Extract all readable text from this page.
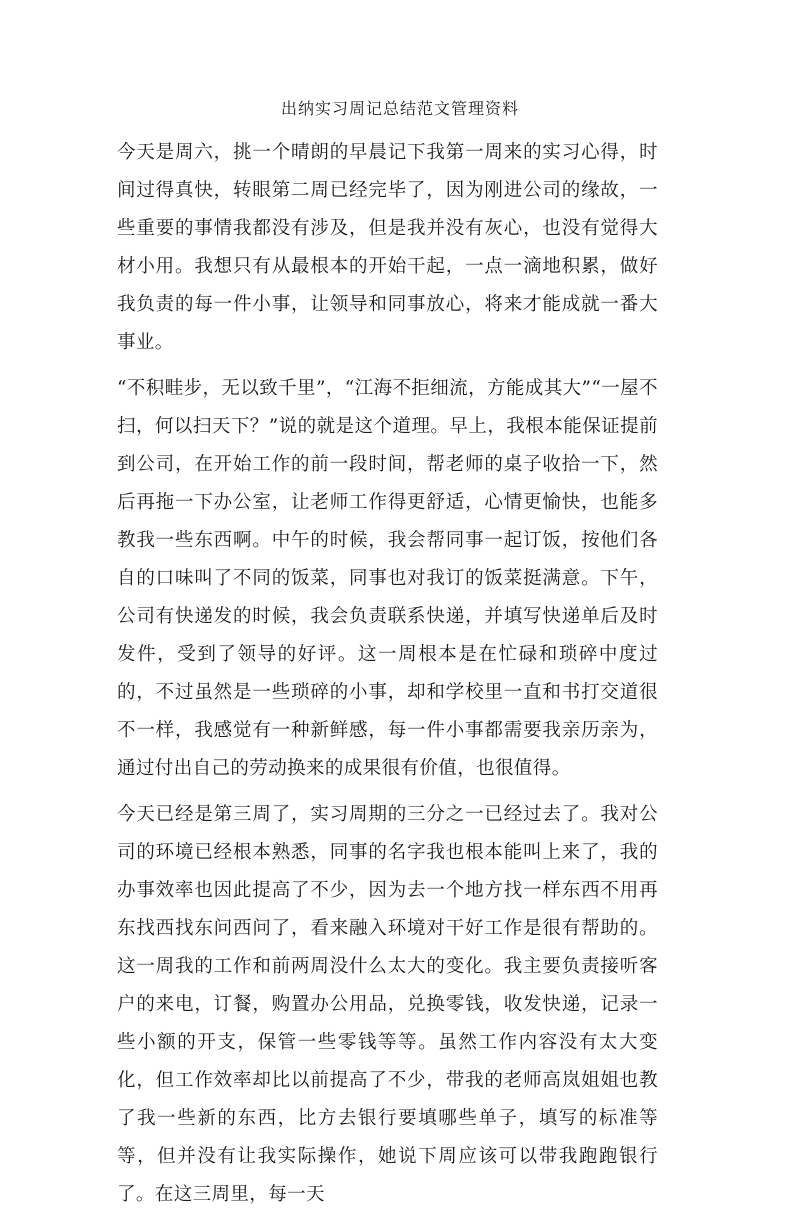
出纳实习周记总结范文管理资料

今天是周六，挑一个晴朗的早晨记下我第一周来的实习心得，时间过得真快，转眼第二周已经完毕了，因为刚进公司的缘故，一些重要的事情我都没有涉及，但是我并没有灰心，也没有觉得大材小用。我想只有从最根本的开始干起，一点一滴地积累，做好我负责的每一件小事，让领导和同事放心，将来才能成就一番大事业。

“不积畦步，无以致千里”，“江海不拒细流，方能成其大”“一屋不扫，何以扫天下？”说的就是这个道理。早上，我根本能保证提前到公司，在开始工作的前一段时间，帮老师的桌子收拾一下，然后再拖一下办公室，让老师工作得更舒适，心情更愉快，也能多教我一些东西啊。中午的时候，我会帮同事一起订饭，按他们各自的口味叫了不同的饭菜，同事也对我订的饭菜挺满意。下午，公司有快递发的时候，我会负责联系快递，并填写快递单后及时发件，受到了领导的好评。这一周根本是在忙碌和琐碎中度过的，不过虽然是一些琐碎的小事，却和学校里一直和书打交道很不一样，我感觉有一种新鲜感，每一件小事都需要我亲历亲为，通过付出自己的劳动换来的成果很有价值，也很值得。

今天已经是第三周了，实习周期的三分之一已经过去了。我对公司的环境已经根本熟悉，同事的名字我也根本能叫上来了，我的办事效率也因此提高了不少，因为去一个地方找一样东西不用再东找西找东问西问了，看来融入环境对干好工作是很有帮助的。这一周我的工作和前两周没什么太大的变化。我主要负责接听客户的来电，订餐，购置办公用品，兑换零钱，收发快递，记录一些小额的开支，保管一些零钱等等。虽然工作内容没有太大变化，但工作效率却比以前提高了不少，带我的老师高岚姐姐也教了我一些新的东西，比方去银行要填哪些单子，填写的标准等等，但并没有让我实际操作，她说下周应该可以带我跑跑银行了。在这三周里，每一天
